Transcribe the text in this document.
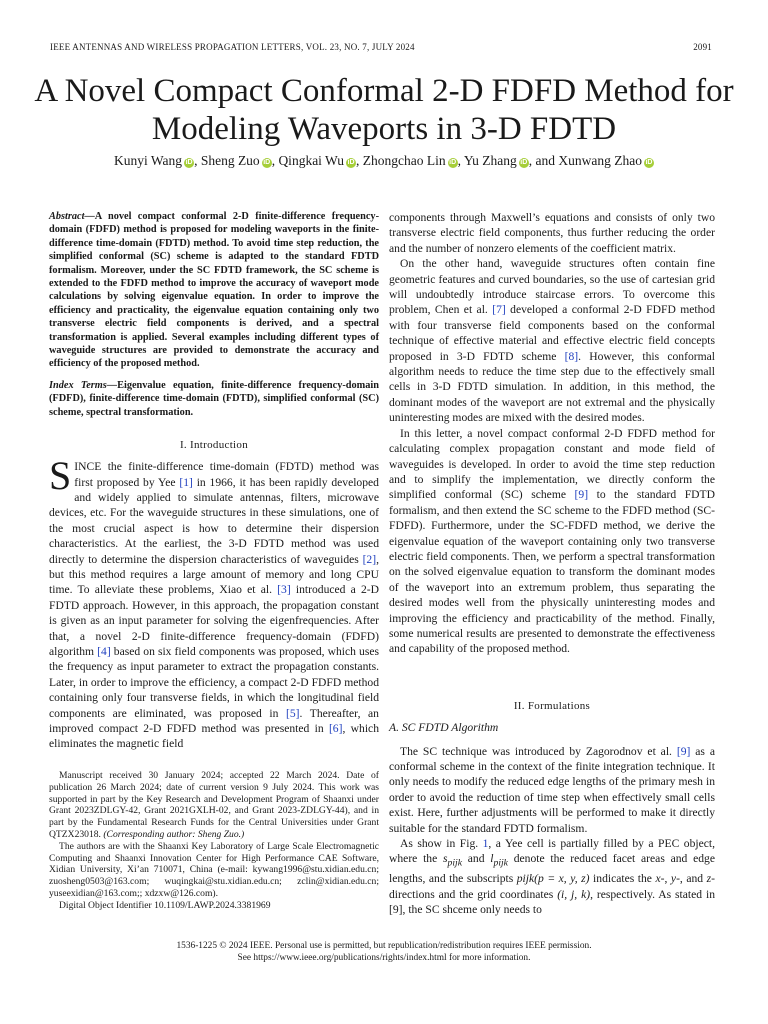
IEEE ANTENNAS AND WIRELESS PROPAGATION LETTERS, VOL. 23, NO. 7, JULY 2024	2091
A Novel Compact Conformal 2-D FDFD Method for
Modeling Waveports in 3-D FDTD
Kunyi Wang iD , Sheng Zuo iD , Qingkai Wu iD , Zhongchao Lin iD , Yu Zhang iD , and Xunwang Zhao iD
Abstract—A novel compact conformal 2-D finite-difference frequency-domain (FDFD) method is proposed for modeling waveports in the finite-difference time-domain (FDTD) method. To avoid time step reduction, the simplified conformal (SC) scheme is adapted to the standard FDTD formalism. Moreover, under the SC FDTD framework, the SC scheme is extended to the FDFD method to improve the accuracy of waveport mode calculations by solving eigenvalue equation. In order to improve the efficiency and practicality, the eigenvalue equation containing only two transverse electric field components is derived, and a spectral transformation is applied. Several examples including different types of waveguide structures are provided to demonstrate the accuracy and efficiency of the proposed method.
Index Terms—Eigenvalue equation, finite-difference frequency-domain (FDFD), finite-difference time-domain (FDTD), simplified conformal (SC) scheme, spectral transformation.
I. Introduction

SINCE the finite-difference time-domain (FDTD) method was first proposed by Yee [1] in 1966, it has been rapidly developed and widely applied to simulate antennas, filters, microwave devices, etc. For the waveguide structures in these simulations, one of the most crucial aspect is how to determine their dispersion characteristics. At the earliest, the 3-D FDTD method was used directly to determine the dispersion characteristics of waveguides [2], but this method requires a large amount of memory and long CPU time. To alleviate these problems, Xiao et al. [3] introduced a 2-D FDTD approach. However, in this approach, the propagation constant is given as an input parameter for solving the eigenfrequencies. After that, a novel 2-D finite-difference frequency-domain (FDFD) algorithm [4] based on six field components was proposed, which uses the frequency as input parameter to extract the propagation constants. Later, in order to improve the efficiency, a compact 2-D FDFD method containing only four transverse fields, in which the longitudinal field components are eliminated, was proposed in [5]. Thereafter, an improved compact 2-D FDFD method was presented in [6], which eliminates the magnetic field

Manuscript received 30 January 2024; accepted 22 March 2024. Date of publication 26 March 2024; date of current version 9 July 2024. This work was supported in part by the Key Research and Development Program of Shaanxi under Grant 2023ZDLGY-42, Grant 2021GXLH-02, and Grant 2023-ZDLGY-44), and in part by the Fundamental Research Funds for the Central Universities under Grant QTZX23018. (Corresponding author: Sheng Zuo.)

The authors are with the Shaanxi Key Laboratory of Large Scale Electromagnetic Computing and Shaanxi Innovation Center for High Performance CAE Software, Xidian University, Xi’an 710071, China (e-mail: kywang1996@stu.xidian.edu.cn; zuosheng0503@163.com; wuqingkai@stu.xidian.edu.cn; zclin@xidian.edu.cn; yuseexidian@163.com;; xdzxw@126.com).

Digital Object Identifier 10.1109/LAWP.2024.3381969

components through Maxwell’s equations and consists of only two transverse electric field components, thus further reducing the order and the number of nonzero elements of the coefficient matrix.

On the other hand, waveguide structures often contain fine geometric features and curved boundaries, so the use of cartesian grid will undoubtedly introduce staircase errors. To overcome this problem, Chen et al. [7] developed a conformal 2-D FDFD method with four transverse field components based on the conformal technique of effective material and effective electric field concepts proposed in 3-D FDTD scheme [8]. However, this conformal algorithm needs to reduce the time step due to the effectively small cells in 3-D FDTD simulation. In addition, in this method, the dominant modes of the waveport are not extremal and the physically uninteresting modes are mixed with the desired modes.

In this letter, a novel compact conformal 2-D FDFD method for calculating complex propagation constant and mode field of waveguides is developed. In order to avoid the time step reduction and to simplify the implementation, we directly conform the simplified conformal (SC) scheme [9] to the standard FDTD formalism, and then extend the SC scheme to the FDFD method (SC-FDFD). Furthermore, under the SC-FDFD method, we derive the eigenvalue equation of the waveport containing only two transverse electric field components. Then, we perform a spectral transformation on the solved eigenvalue equation to transform the dominant modes of the waveport into an extremum problem, thus separating the desired modes well from the physically uninteresting modes and improving the efficiency and practicability of the method. Finally, some numerical results are presented to demonstrate the effectiveness and capability of the proposed method.

II. Formulations
A. SC FDTD Algorithm

The SC technique was introduced by Zagorodnov et al. [9] as a conformal scheme in the context of the finite integration technique. It only needs to modify the reduced edge lengths of the primary mesh in order to avoid the reduction of time step when effectively small cells exist. Here, further adjustments will be performed to make it directly suitable for the standard FDTD formalism.

As show in Fig. 1, a Yee cell is partially filled by a PEC object, where the $s_{pijk}$ and $l_{pijk}$ denote the reduced facet areas and edge lengths, and the subscripts pijk(p = x, y, z) indicates the x-, y-, and z-directions and the grid coordinates (i, j, k), respectively. As stated in [9], the SC shceme only needs to

1536-1225 © 2024 IEEE. Personal use is permitted, but republication/redistribution requires IEEE permission.
See https://www.ieee.org/publications/rights/index.html for more information.
